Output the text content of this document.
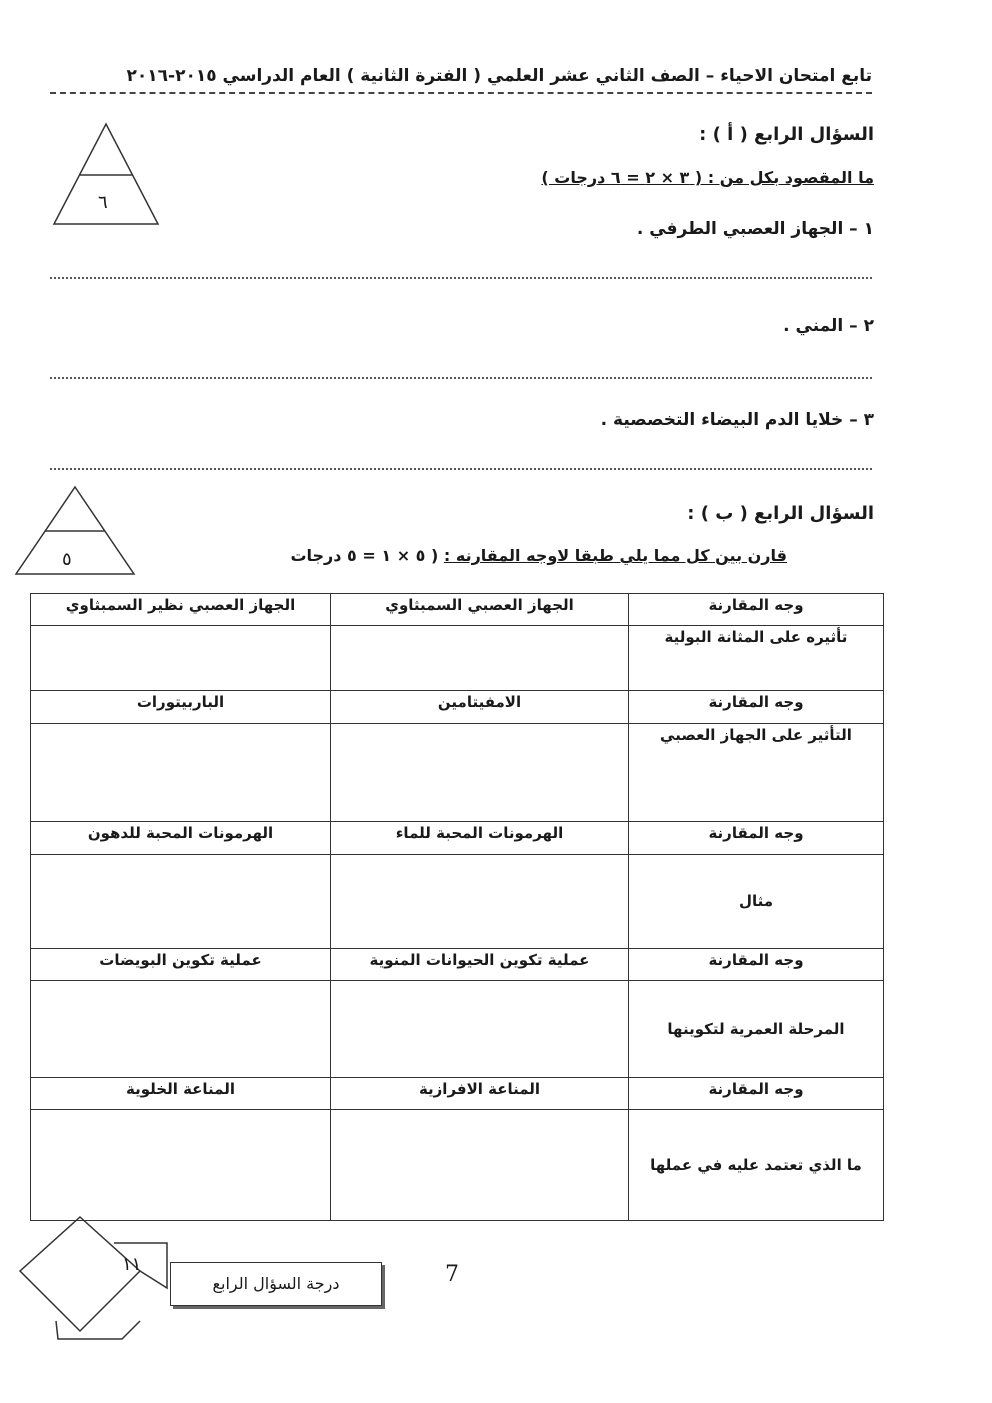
تابع امتحان الاحياء – الصف الثاني عشر العلمي ( الفترة الثانية ) العام الدراسي ٢٠١٥-٢٠١٦
السؤال الرابع ( أ ) :
٦
ما المقصود بكل من : ( ٣ × ٢ = ٦ درجات )
١ – الجهاز العصبي الطرفي .
٢ – المني .
٣ – خلايا الدم البيضاء التخصصية .
السؤال الرابع ( ب ) :
٥	قارن بين كل مما يلي طبقا لاوجه المقارنه : ( ٥ × ١ = ٥ درجات
وجه المقارنة	الجهاز العصبي السمبثاوي	الجهاز العصبي نظير السمبثاوي
تأثيره على المثانة البولية		
وجه المقارنة	الامفيتامين	الباربيتورات
التأثير على الجهاز العصبي		
وجه المقارنة	الهرمونات المحبة للماء	الهرمونات المحبة للدهون
مثال		
وجه المقارنة	عملية تكوين الحيوانات المنوية	عملية تكوين البويضات
المرحلة العمرية لتكوينها		
وجه المقارنة	المناعة الافرازية	المناعة الخلوية
ما الذي تعتمد عليه في عملها		
١١
درجة السؤال الرابع	7
